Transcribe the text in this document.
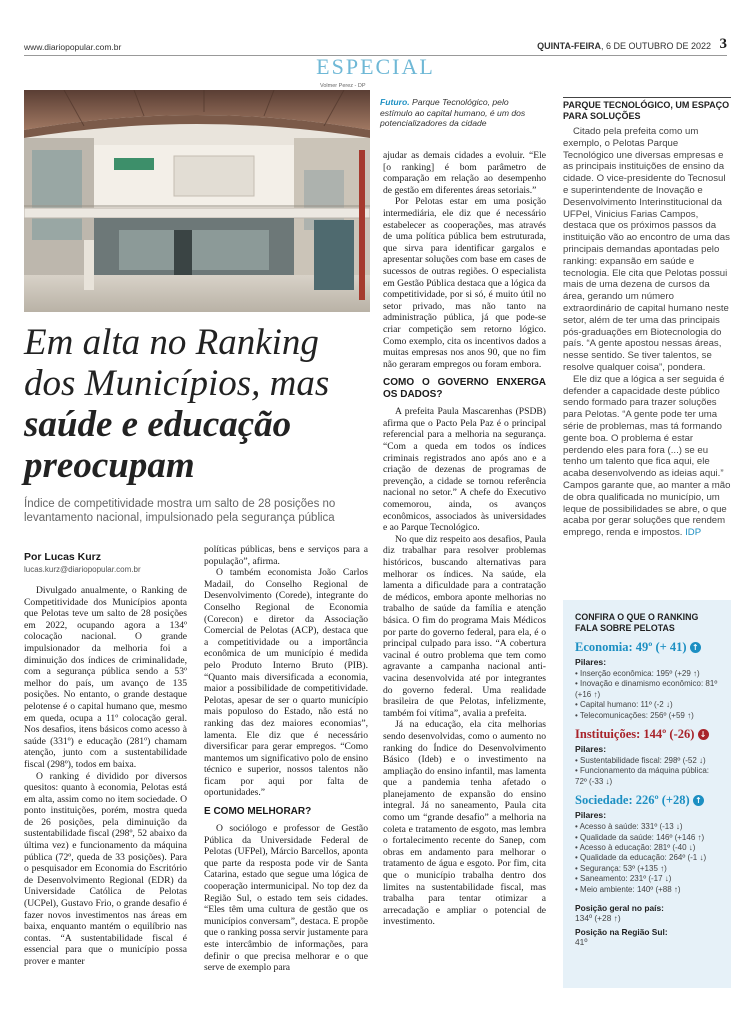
www.diariopopular.com.br	QUINTA-FEIRA, 6 DE OUTUBRO DE 2022 3
ESPECIAL
Volmer Perez - DP
Futuro. Parque Tecnológico, pelo estímulo ao capital humano, é um dos potencializadores da cidade
Em alta no Ranking dos Municípios, mas
saúde e educação preocupam
Índice de competitividade mostra um salto de 28 posições no levantamento nacional, impulsionado pela segurança pública
Por Lucas Kurz
lucas.kurz@diariopopular.com.br

Divulgado anualmente, o Ranking de Competitividade dos Municípios aponta que Pelotas teve um salto de 28 posições em 2022, ocupando agora a 134º colocação nacional. O grande impulsionador da melhoria foi a diminuição dos índices de criminalidade, com a segurança pública sendo a 53º melhor do país, um avanço de 135 posições. No entanto, o grande destaque pelotense é o capital humano que, mesmo em queda, ocupa a 11º colocação geral. Nos desafios, itens básicos como acesso à saúde (331º) e educação (281º) chamam atenção, junto com a sustentabilidade fiscal (298º), todos em baixa.

O ranking é dividido por diversos quesitos: quanto à economia, Pelotas está em alta, assim como no item sociedade. O ponto instituições, porém, mostra queda de 26 posições, pela diminuição da sustentabilidade fiscal (298º, 52 abaixo da última vez) e funcionamento da máquina pública (72º, queda de 33 posições). Para o pesquisador em Economia do Escritório de Desenvolvimento Regional (EDR) da Universidade Católica de Pelotas (UCPel), Gustavo Frio, o grande desafio é fazer novos investimentos nas áreas em baixa, enquanto mantém o equilíbrio nas contas. “A sustentabilidade fiscal é essencial para que o município possa prover e manter

políticas públicas, bens e serviços para a população”, afirma.

O também economista João Carlos Madail, do Conselho Regional de Desenvolvimento (Corede), integrante do Conselho Regional de Economia (Corecon) e diretor da Associação Comercial de Pelotas (ACP), destaca que a competitividade ou a importância econômica de um município é medida pelo Produto Interno Bruto (PIB). “Quanto mais diversificada a economia, maior a possibilidade de competitividade. Pelotas, apesar de ser o quarto município mais populoso do Estado, não está no ranking das dez maiores economias”, lamenta. Ele diz que é necessário diversificar para gerar empregos. “Como mantemos um significativo polo de ensino técnico e superior, nossos talentos não ficam por aqui por falta de oportunidades.”

E COMO MELHORAR?

O sociólogo e professor de Gestão Pública da Universidade Federal de Pelotas (UFPel), Márcio Barcellos, aponta que parte da resposta pode vir de Santa Catarina, estado que segue uma lógica de cooperação intermunicipal. No top dez da Região Sul, o estado tem seis cidades. “Eles têm uma cultura de gestão que os municípios conversam”, destaca. E propõe que o ranking possa servir justamente para este intercâmbio de informações, para definir o que precisa melhorar e o que serve de exemplo para

ajudar as demais cidades a evoluir. “Ele [o ranking] é bom parâmetro de comparação em relação ao desempenho de gestão em diferentes áreas setoriais.”

Por Pelotas estar em uma posição intermediária, ele diz que é necessário estabelecer as cooperações, mas através de uma política pública bem estruturada, que sirva para identificar gargalos e apresentar soluções com base em cases de sucessos de outras regiões. O especialista em Gestão Pública destaca que a lógica da competitividade, por si só, é muito útil no setor privado, mas não tanto na administração pública, já que pode-se criar competição sem retorno lógico. Como exemplo, cita os incentivos dados a muitas empresas nos anos 90, que no fim não geraram empregos ou foram embora.

COMO O GOVERNO ENXERGA OS DADOS?

A prefeita Paula Mascarenhas (PSDB) afirma que o Pacto Pela Paz é o principal referencial para a melhoria na segurança. “Com a queda em todos os índices criminais registrados ano após ano e a criação de dezenas de programas de prevenção, a cidade se tornou referência nacional no setor.” A chefe do Executivo comemorou, ainda, os avanços econômicos, associados às universidades e ao Parque Tecnológico.

No que diz respeito aos desafios, Paula diz trabalhar para resolver problemas históricos, buscando alternativas para melhorar os índices. Na saúde, ela lamenta a dificuldade para a contratação de médicos, embora aponte melhorias no trabalho de saúde da família e atenção básica. O fim do programa Mais Médicos por parte do governo federal, para ela, é o principal culpado para isso. “A cobertura vacinal é outro problema que tem como agravante a campanha nacional anti-vacina desenvolvida até por integrantes do governo federal. Uma realidade brasileira de que Pelotas, infelizmente, também foi vítima”, avalia a prefeita.

Já na educação, ela cita melhorias sendo desenvolvidas, como o aumento no ranking do Índice do Desenvolvimento Básico (Ideb) e o investimento na ampliação do ensino infantil, mas lamenta que a pandemia tenha afetado o planejamento de expansão do ensino integral. Já no saneamento, Paula cita como um “grande desafio” a melhoria na coleta e tratamento de esgoto, mas lembra o fortalecimento recente do Sanep, com obras em andamento para melhorar o tratamento de água e esgoto. Por fim, cita que o município trabalha dentro dos limites na sustentabilidade fiscal, mas trabalha para tentar otimizar a arrecadação e ampliar o potencial de investimento.

PARQUE TECNOLÓGICO, UM ESPAÇO PARA SOLUÇÕES

Citado pela prefeita como um exemplo, o Pelotas Parque Tecnológico une diversas empresas e as principais instituições de ensino da cidade. O vice-presidente do Tecnosul e superintendente de Inovação e Desenvolvimento Interinstitucional da UFPel, Vinicius Farias Campos, destaca que os próximos passos da instituição vão ao encontro de uma das principais demandas apontadas pelo ranking: expansão em saúde e tecnologia. Ele cita que Pelotas possui mais de uma dezena de cursos da área, gerando um número extraordinário de capital humano neste setor, além de ter uma das principais pós-graduações em Biotecnologia do país. “A gente apostou nessas áreas, nesse sentido. Se tiver talentos, se resolve qualquer coisa”, pondera.

Ele diz que a lógica a ser seguida é defender a capacidade deste público sendo formado para trazer soluções para Pelotas. “A gente pode ter uma série de problemas, mas tá formando gente boa. O problema é estar perdendo eles para fora (...) se eu tenho um talento que fica aqui, ele acaba desenvolvendo as ideias aqui.” Campos garante que, ao manter a mão de obra qualificada no município, um leque de possibilidades se abre, o que acaba por gerar soluções que rendem emprego, renda e impostos. IDP

CONFIRA O QUE O RANKING FALA SOBRE PELOTAS
Economia: 49º (+ 41) ↑
Pilares:
• Inserção econômica: 195º (+29 ↑)
• Inovação e dinamismo econômico: 81º (+16 ↑)
• Capital humano: 11º (-2 ↓)
• Telecomunicações: 256º (+59 ↑)
Instituições: 144º (-26) ↓
Pilares:
• Sustentabilidade fiscal: 298º (-52 ↓)
• Funcionamento da máquina pública: 72º (-33 ↓)
Sociedade: 226º (+28) ↑
Pilares:
• Acesso à saúde: 331º (-13 ↓)
• Qualidade da saúde: 146º (+146 ↑)
• Acesso à educação: 281º (-40 ↓)
• Qualidade da educação: 264º (-1 ↓)
• Segurança: 53º (+135 ↑)
• Saneamento: 231º (-17 ↓)
• Meio ambiente: 140º (+88 ↑)
Posição geral no país:
134º (+28 ↑)
Posição na Região Sul:
41º
